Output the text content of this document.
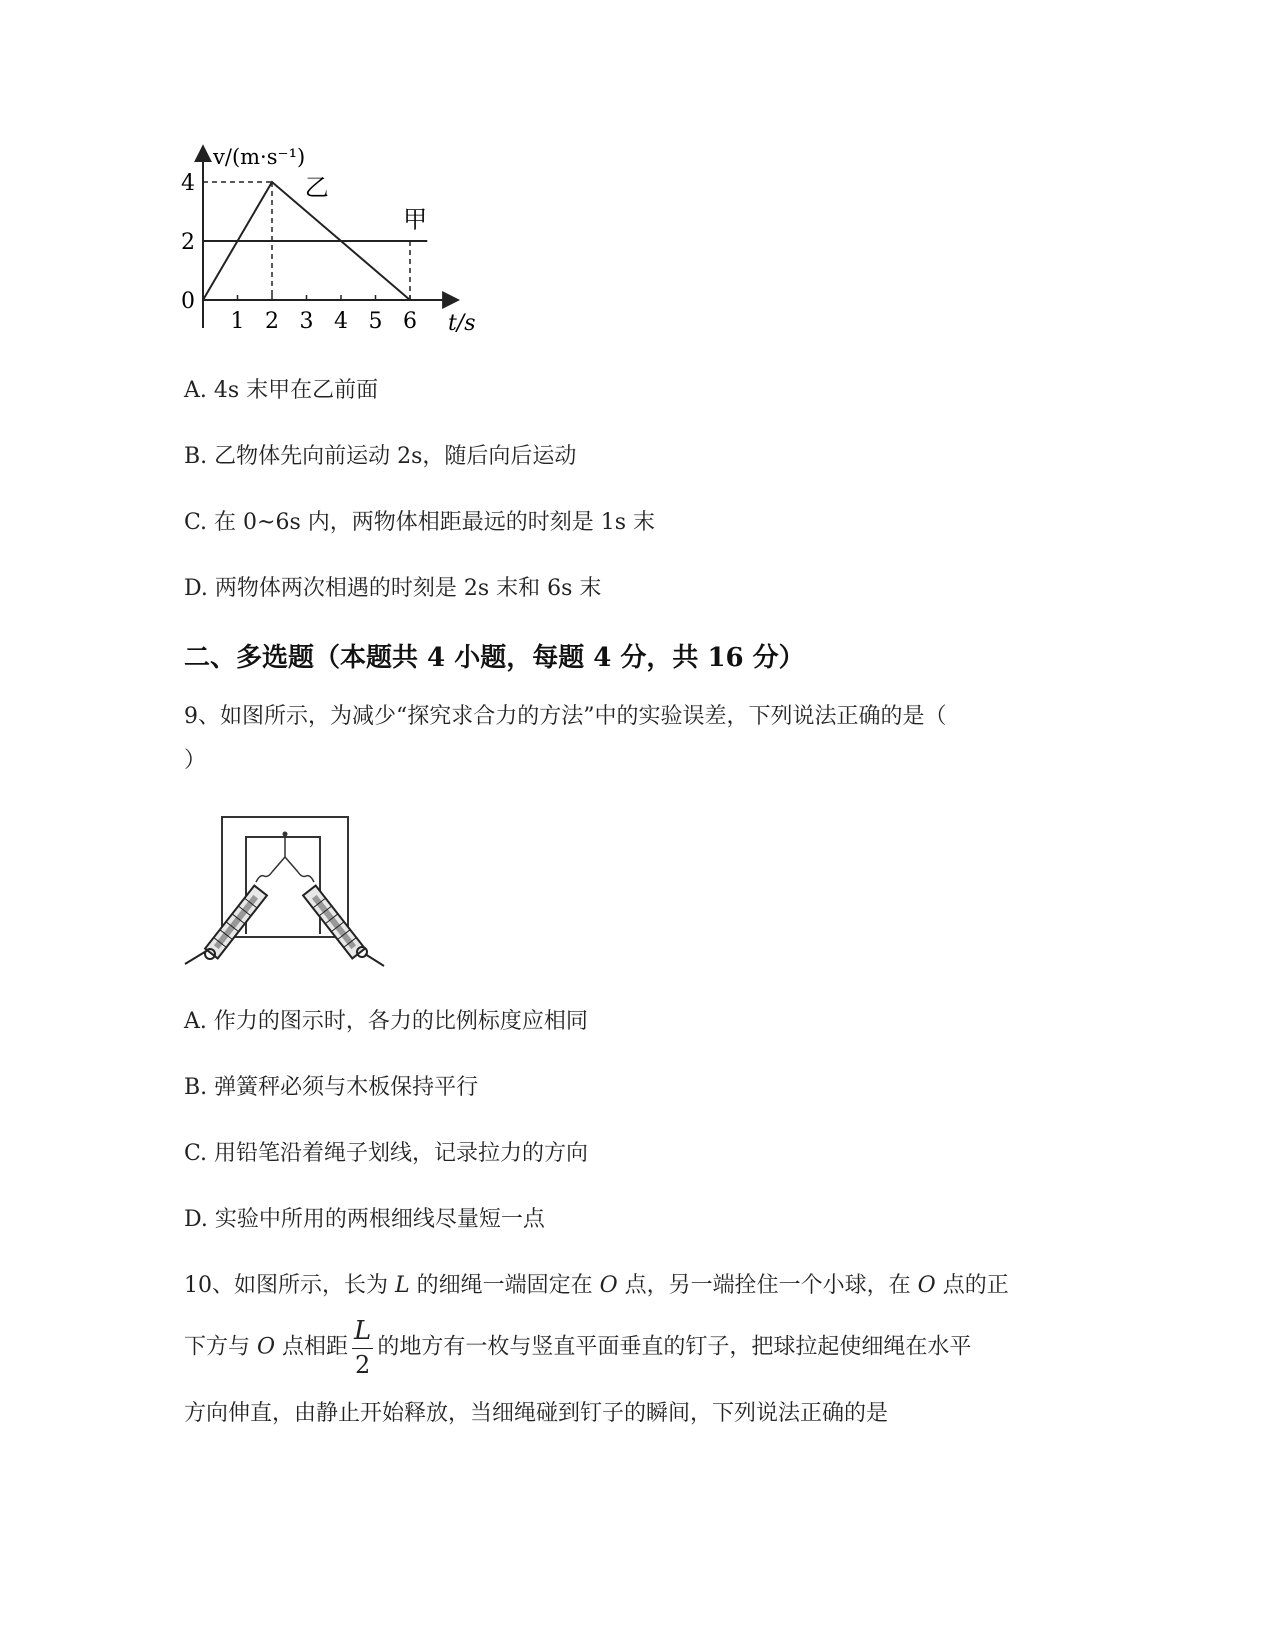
4
2
0
1 2 3 4 5 6
v/(m·s⁻¹)
t/s
乙
甲
A. 4s 末甲在乙前面
B. 乙物体先向前运动 2s，随后向后运动
C. 在 0~6s 内，两物体相距最远的时刻是 1s 末
D. 两物体两次相遇的时刻是 2s 末和 6s 末
二、多选题（本题共 4 小题，每题 4 分，共 16 分）
9、如图所示，为减少“探究求合力的方法”中的实验误差，下列说法正确的是（
）
A. 作力的图示时，各力的比例标度应相同
B. 弹簧秤必须与木板保持平行
C. 用铅笔沿着绳子划线，记录拉力的方向
D. 实验中所用的两根细线尽量短一点
10、如图所示，长为 L 的细绳一端固定在 O 点，另一端拴住一个小球，在 O 点的正
下方与 O 点相距 $\frac{L}{2}$ 的地方有一枚与竖直平面垂直的钉子，把球拉起使细绳在水平
方向伸直，由静止开始释放，当细绳碰到钉子的瞬间，下列说法正确的是
